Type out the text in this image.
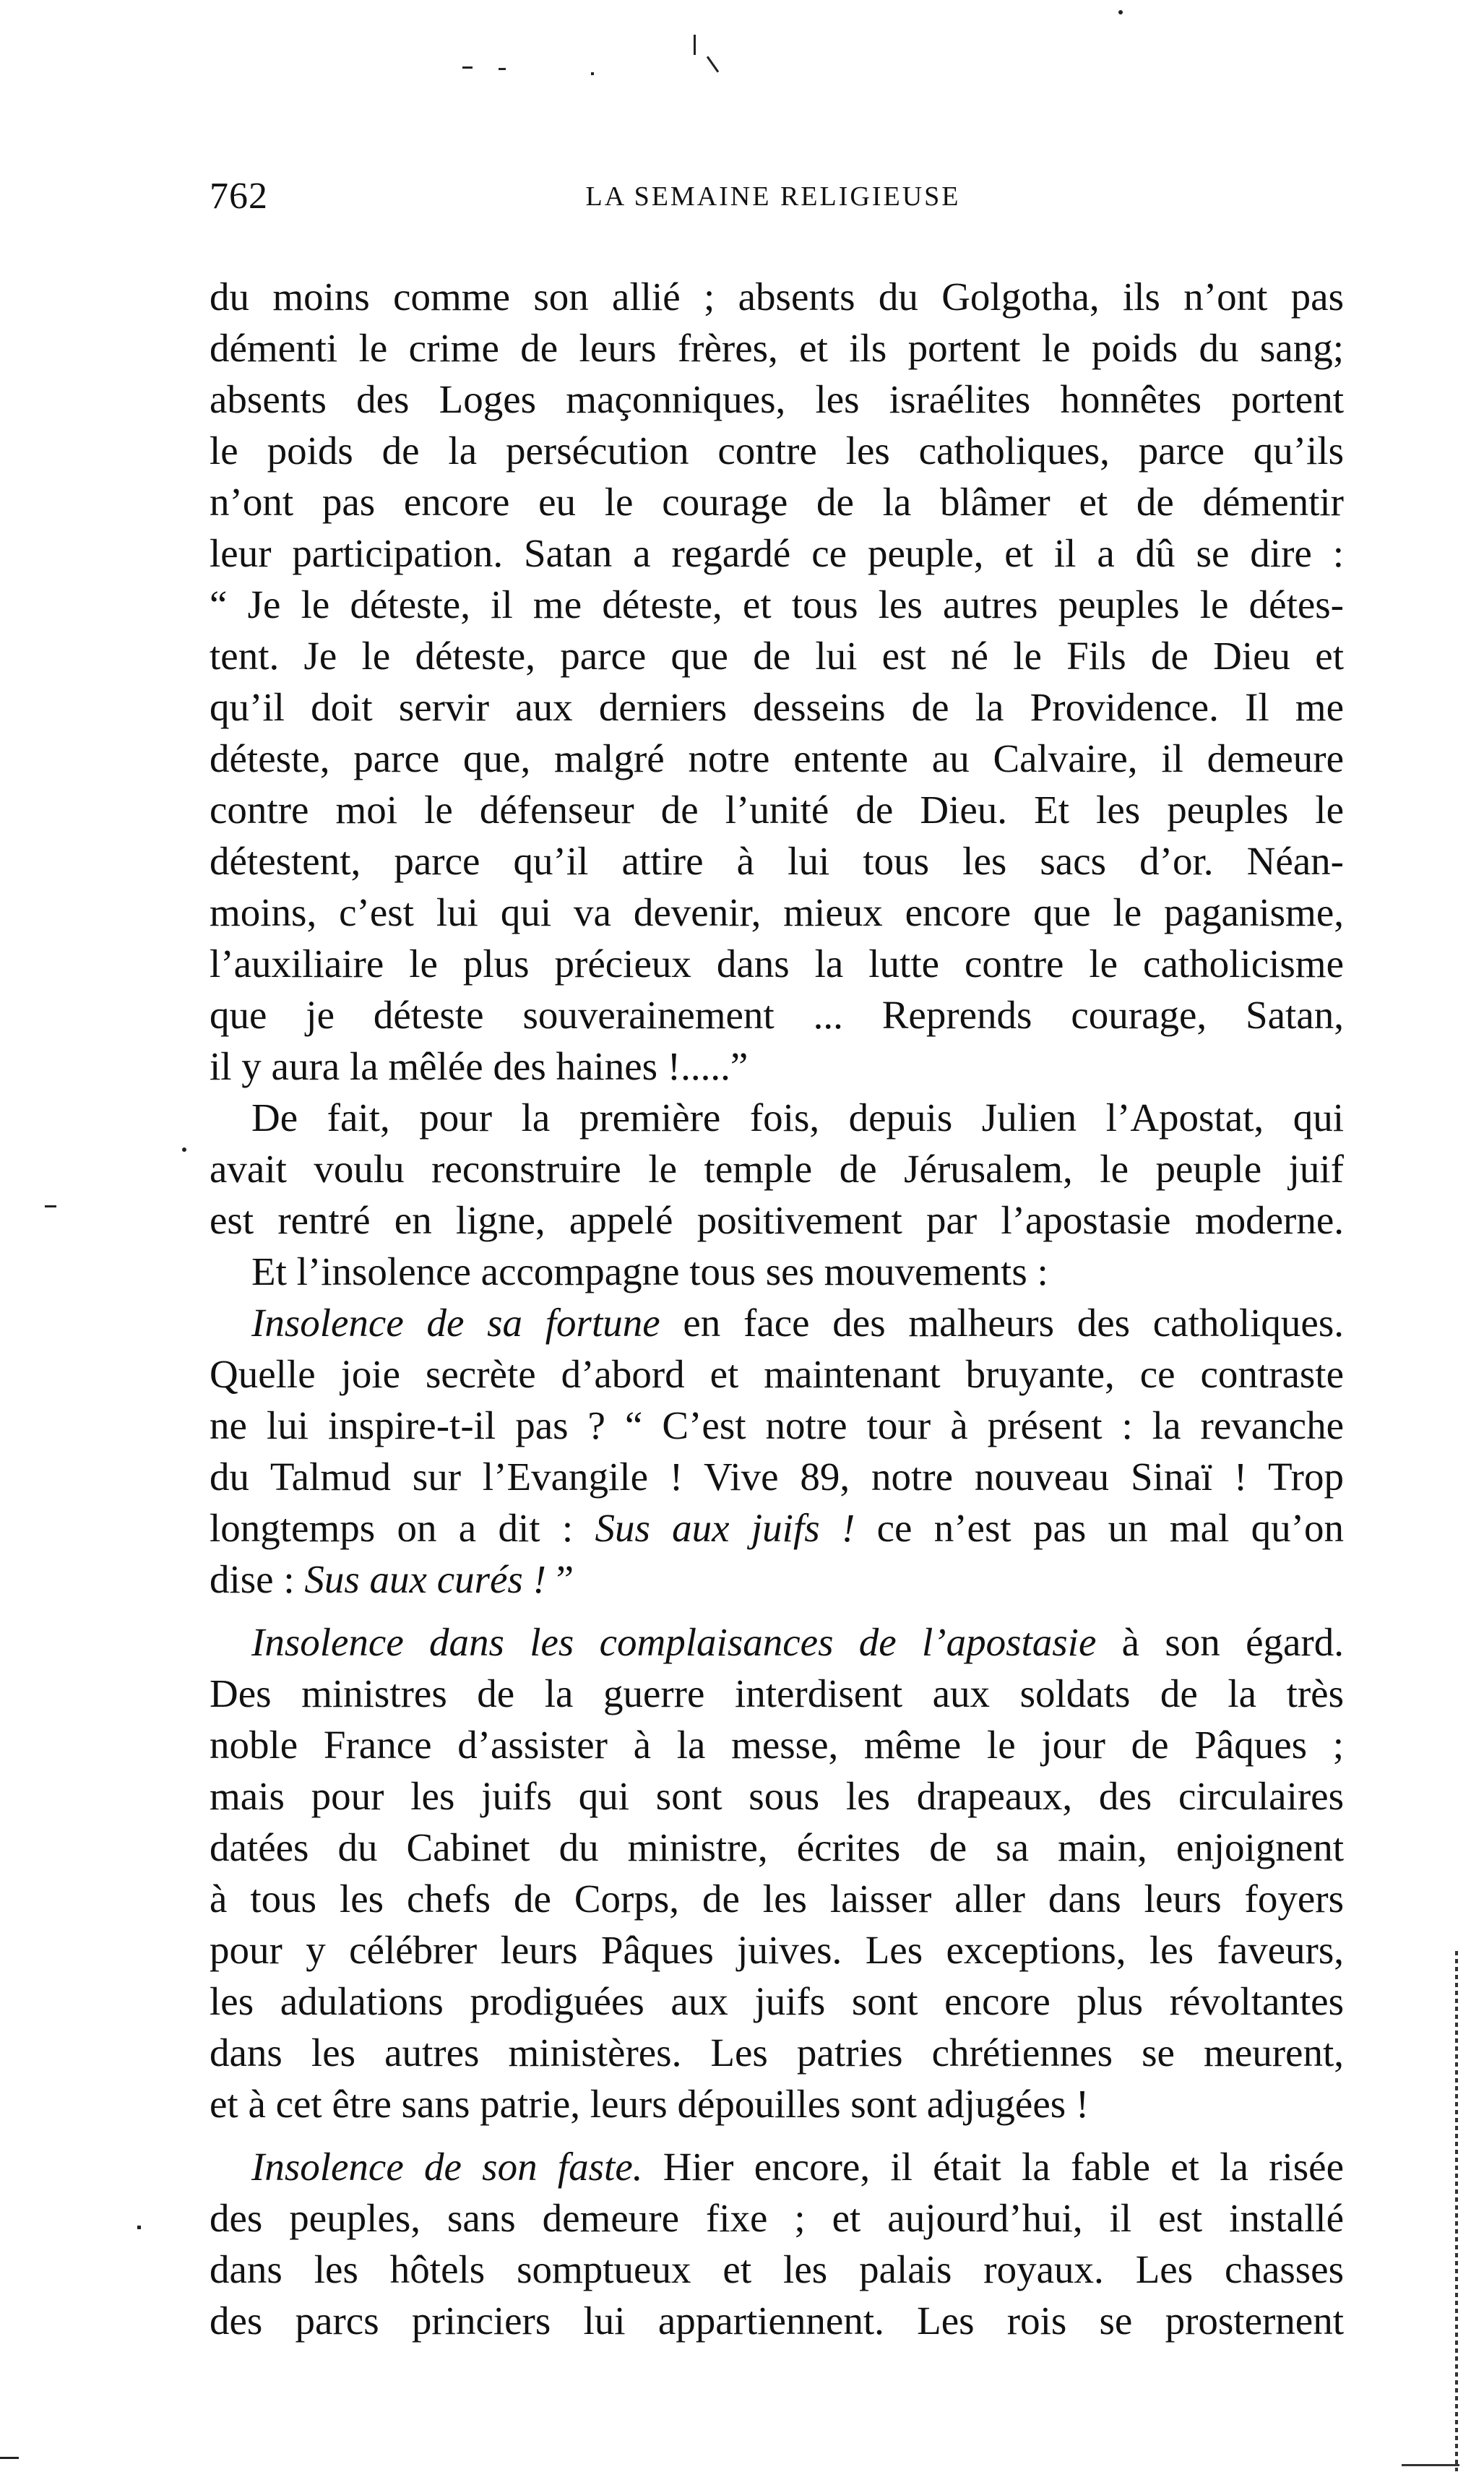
762	LA SEMAINE RELIGIEUSE
du moins comme son allié ; absents du Golgotha, ils n’ont pas
démenti le crime de leurs frères, et ils portent le poids du sang;
absents des Loges maçonniques, les israélites honnêtes portent
le poids de la persécution contre les catholiques, parce qu’ils
n’ont pas encore eu le courage de la blâmer et de démentir
leur participation. Satan a regardé ce peuple, et il a dû se dire :
“ Je le déteste, il me déteste, et tous les autres peuples le détes-
tent. Je le déteste, parce que de lui est né le Fils de Dieu et
qu’il doit servir aux derniers desseins de la Providence. Il me
déteste, parce que, malgré notre entente au Calvaire, il demeure
contre moi le défenseur de l’unité de Dieu. Et les peuples le
détestent, parce qu’il attire à lui tous les sacs d’or. Néan-
moins, c’est lui qui va devenir, mieux encore que le paganisme,
l’auxiliaire le plus précieux dans la lutte contre le catholicisme
que je déteste souverainement ... Reprends courage, Satan,
il y aura la mêlée des haines !.....”
De fait, pour la première fois, depuis Julien l’Apostat, qui
avait voulu reconstruire le temple de Jérusalem, le peuple juif
est rentré en ligne, appelé positivement par l’apostasie moderne.
Et l’insolence accompagne tous ses mouvements :
Insolence de sa fortune en face des malheurs des catholiques.
Quelle joie secrète d’abord et maintenant bruyante, ce contraste
ne lui inspire-t-il pas ? “ C’est notre tour à présent : la revanche
du Talmud sur l’Evangile ! Vive 89, notre nouveau Sinaï ! Trop
longtemps on a dit : Sus aux juifs ! ce n’est pas un mal qu’on
dise : Sus aux curés ! ”
Insolence dans les complaisances de l’apostasie à son égard.
Des ministres de la guerre interdisent aux soldats de la très
noble France d’assister à la messe, même le jour de Pâques ;
mais pour les juifs qui sont sous les drapeaux, des circulaires
datées du Cabinet du ministre, écrites de sa main, enjoignent
à tous les chefs de Corps, de les laisser aller dans leurs foyers
pour y célébrer leurs Pâques juives. Les exceptions, les faveurs,
les adulations prodiguées aux juifs sont encore plus révoltantes
dans les autres ministères. Les patries chrétiennes se meurent,
et à cet être sans patrie, leurs dépouilles sont adjugées !
Insolence de son faste. Hier encore, il était la fable et la risée
des peuples, sans demeure fixe ; et aujourd’hui, il est installé
dans les hôtels somptueux et les palais royaux. Les chasses
des parcs princiers lui appartiennent. Les rois se prosternent
